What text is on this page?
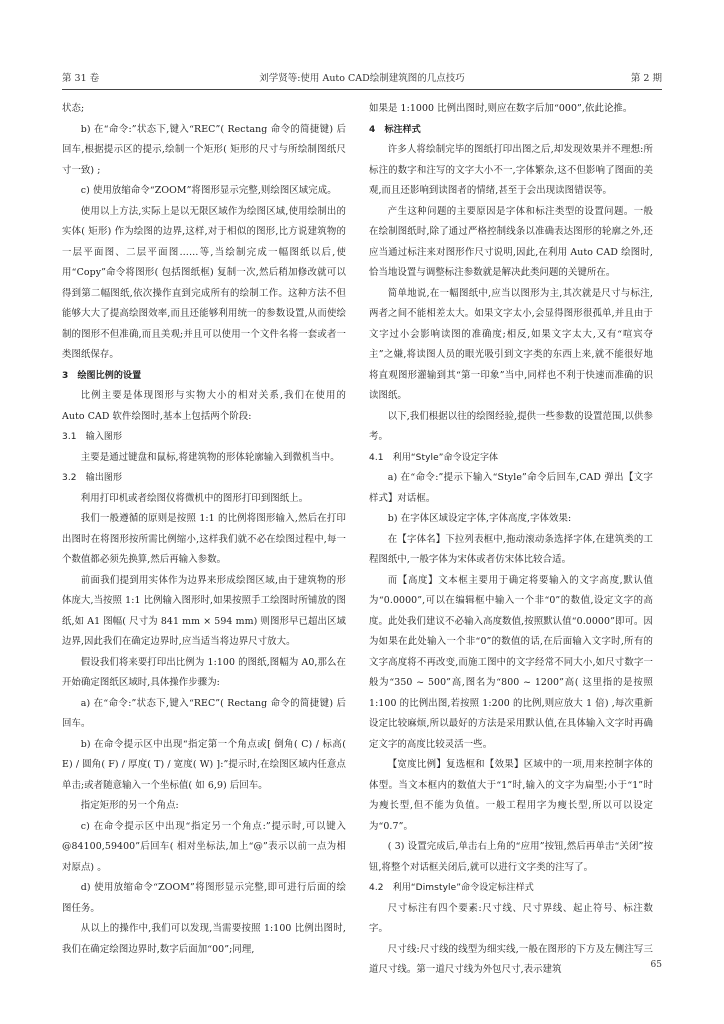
第 31 卷	刘学贤等:使用 Auto CAD绘制建筑图的几点技巧	第 2 期

状态;

b) 在“命令:”状态下,键入“REC”( Rectang 命令的简捷键) 后回车,根据提示区的提示,绘制一个矩形( 矩形的尺寸与所绘制图纸尺寸一致) ;

c) 使用放缩命令“ZOOM”将图形显示完整,则绘图区域完成。

使用以上方法,实际上是以无限区域作为绘图区域,使用绘制出的实体( 矩形) 作为绘图的边界,这样,对于相似的图形,比方说建筑物的一层平面图、二层平面图……等,当绘制完成一幅图纸以后,使用“Copy”命令将图形( 包括图纸框) 复制一次,然后稍加修改就可以得到第二幅图纸,依次操作直到完成所有的绘制工作。这种方法不但能够大大了提高绘图效率,而且还能够利用统一的参数设置,从而使绘制的图形不但准确,而且美观;并且可以使用一个文件名将一套或者一类图纸保存。

3　绘图比例的设置

比例主要是体现图形与实物大小的相对关系,我们在使用的 Auto CAD 软件绘图时,基本上包括两个阶段:

3.1　输入图形

主要是通过键盘和鼠标,将建筑物的形体轮廓输入到微机当中。

3.2　输出图形

利用打印机或者绘图仪将微机中的图形打印到图纸上。

我们一般遵循的原则是按照 1:1 的比例将图形输入,然后在打印出图时在将图形按所需比例缩小,这样我们就不必在绘图过程中,每一个数值都必须先换算,然后再输入参数。

前面我们提到用实体作为边界来形成绘图区域,由于建筑物的形体庞大,当按照 1:1 比例输入图形时,如果按照手工绘图时所铺放的图纸,如 A1 图幅( 尺寸为 841 mm × 594 mm) 则图形早已超出区域边界,因此我们在确定边界时,应当适当将边界尺寸放大。

假设我们将来要打印出比例为 1:100 的图纸,图幅为 A0,那么在开始确定图纸区域时,具体操作步骤为:

a) 在“命令:”状态下,键入“REC”( Rectang 命令的简捷键) 后回车。

b) 在命令提示区中出现“指定第一个角点或[ 倒角( C) / 标高( E) / 圆角( F) / 厚度( T) / 宽度( W) ]:”提示时,在绘图区域内任意点单击;或者随意输入一个坐标值( 如 6,9) 后回车。

指定矩形的另一个角点:

c) 在命令提示区中出现“指定另一个角点:”提示时,可以键入 @84100,59400”后回车( 相对坐标法,加上“@”表示以前一点为相对原点) 。

d) 使用放缩命令“ZOOM”将图形显示完整,即可进行后面的绘图任务。

从以上的操作中,我们可以发现,当需要按照 1:100 比例出图时,我们在确定绘图边界时,数字后面加“00”;同理,

如果是 1:1000 比例出图时,则应在数字后加“000”,依此论推。

4　标注样式

许多人将绘制完毕的图纸打印出图之后,却发现效果并不理想:所标注的数字和注写的文字大小不一,字体繁杂,这不但影响了图面的美观,而且还影响到读图者的情绪,甚至于会出现读图错误等。

产生这种问题的主要原因是字体和标注类型的设置问题。一般在绘制图纸时,除了通过严格控制线条以准确表达图形的轮廓之外,还应当通过标注来对图形作尺寸说明,因此,在利用 Auto CAD 绘图时,恰当地设置与调整标注参数就是解决此类问题的关键所在。

简单地说,在一幅图纸中,应当以图形为主,其次就是尺寸与标注,两者之间不能相差太大。如果文字太小,会显得图形很孤单,并且由于文字过小会影响读图的准确度;相反,如果文字太大,又有“喧宾夺主”之嫌,将读图人员的眼光吸引到文字类的东西上来,就不能很好地将直观图形灌输到其“第一印象”当中,同样也不利于快速而准确的识读图纸。

以下,我们根据以往的绘图经验,提供一些参数的设置范围,以供参考。

4.1　利用“Style”命令设定字体

a) 在“命令:”提示下输入“Style”命令后回车,CAD 弹出【文字样式】对话框。

b) 在字体区域设定字体,字体高度,字体效果:

在【字体名】下拉列表框中,拖动滚动条选择字体,在建筑类的工程图纸中,一般字体为宋体或者仿宋体比较合适。

而【高度】文本框主要用于确定将要输入的文字高度,默认值为“0.0000”,可以在编辑框中输入一个非“0”的数值,设定文字的高度。此处我们建议不必输入高度数值,按照默认值“0.0000”即可。因为如果在此处输入一个非“0”的数值的话,在后面输入文字时,所有的文字高度将不再改变,而施工图中的文字经常不同大小,如尺寸数字一般为“350 ~ 500”高,图名为“800 ~ 1200”高( 这里指的是按照 1:100 的比例出图,若按照 1:200 的比例,则应放大 1 倍) ,每次重新设定比较麻烦,所以最好的方法是采用默认值,在具体输入文字时再确定文字的高度比较灵活一些。

【宽度比例】复选框和【效果】区域中的一项,用来控制字体的体型。当文本框内的数值大于“1”时,输入的文字为扁型;小于“1”时为瘦长型,但不能为负值。一般工程用字为瘦长型,所以可以设定为“0.7”。

( 3) 设置完成后,单击右上角的“应用”按钮,然后再单击“关闭”按钮,将整个对话框关闭后,就可以进行文字类的注写了。

4.2　利用“Dimstyle”命令设定标注样式

尺寸标注有四个要素:尺寸线、尺寸界线、起止符号、标注数字。

尺寸线:尺寸线的线型为细实线,一般在图形的下方及左侧注写三道尺寸线。第一道尺寸线为外包尺寸,表示建筑	65
